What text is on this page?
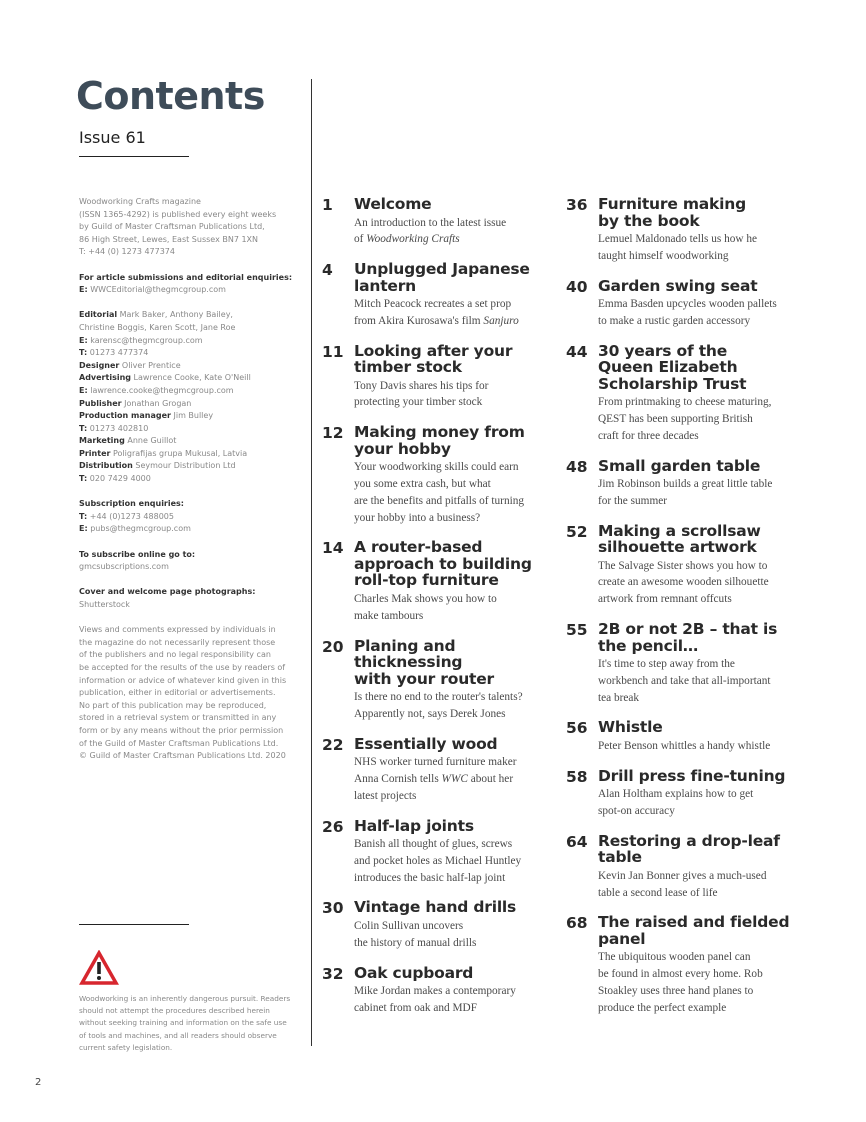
Contents
Issue 61
Woodworking Crafts magazine
(ISSN 1365-4292) is published every eight weeks
by Guild of Master Craftsman Publications Ltd,
86 High Street, Lewes, East Sussex BN7 1XN
T: +44 (0) 1273 477374
For article submissions and editorial enquiries:
E: WWCEditorial@thegmcgroup.com
Editorial Mark Baker, Anthony Bailey,
Christine Boggis, Karen Scott, Jane Roe
E: karensc@thegmcgroup.com
T: 01273 477374
Designer Oliver Prentice
Advertising Lawrence Cooke, Kate O'Neill
E: lawrence.cooke@thegmcgroup.com
Publisher Jonathan Grogan
Production manager Jim Bulley
T: 01273 402810
Marketing Anne Guillot
Printer Poligrafijas grupa Mukusal, Latvia
Distribution Seymour Distribution Ltd
T: 020 7429 4000
Subscription enquiries:
T: +44 (0)1273 488005
E: pubs@thegmcgroup.com
To subscribe online go to:
gmcsubscriptions.com
Cover and welcome page photographs:
Shutterstock
Views and comments expressed by individuals in
the magazine do not necessarily represent those
of the publishers and no legal responsibility can
be accepted for the results of the use by readers of
information or advice of whatever kind given in this
publication, either in editorial or advertisements.
No part of this publication may be reproduced,
stored in a retrieval system or transmitted in any
form or by any means without the prior permission
of the Guild of Master Craftsman Publications Ltd.
© Guild of Master Craftsman Publications Ltd. 2020
Woodworking is an inherently dangerous pursuit. Readers
should not attempt the procedures described herein
without seeking training and information on the safe use
of tools and machines, and all readers should observe
current safety legislation.
1	Welcome
An introduction to the latest issue
of Woodworking Crafts
4	Unplugged Japanese
lantern
Mitch Peacock recreates a set prop
from Akira Kurosawa's film Sanjuro
11 Looking after your
timber stock
Tony Davis shares his tips for
protecting your timber stock
12 Making money from
your hobby
Your woodworking skills could earn
you some extra cash, but what
are the benefits and pitfalls of turning
your hobby into a business?
14 A router-based
approach to building
roll-top furniture
Charles Mak shows you how to
make tambours
20 Planing and
thicknessing
with your router
Is there no end to the router's talents?
Apparently not, says Derek Jones
22 Essentially wood
NHS worker turned furniture maker
Anna Cornish tells WWC about her
latest projects
26 Half-lap joints
Banish all thought of glues, screws
and pocket holes as Michael Huntley
introduces the basic half-lap joint
30 Vintage hand drills
Colin Sullivan uncovers
the history of manual drills
32 Oak cupboard
Mike Jordan makes a contemporary
cabinet from oak and MDF
36 Furniture making
by the book
Lemuel Maldonado tells us how he
taught himself woodworking
40 Garden swing seat
Emma Basden upcycles wooden pallets
to make a rustic garden accessory
44 30 years of the
Queen Elizabeth
Scholarship Trust
From printmaking to cheese maturing,
QEST has been supporting British
craft for three decades
48 Small garden table
Jim Robinson builds a great little table
for the summer
52 Making a scrollsaw
silhouette artwork
The Salvage Sister shows you how to
create an awesome wooden silhouette
artwork from remnant offcuts
55 2B or not 2B – that is
the pencil…
It's time to step away from the
workbench and take that all-important
tea break
56 Whistle
Peter Benson whittles a handy whistle
58 Drill press fine-tuning
Alan Holtham explains how to get
spot-on accuracy
64 Restoring a drop-leaf
table
Kevin Jan Bonner gives a much-used
table a second lease of life
68 The raised and fielded
panel
The ubiquitous wooden panel can
be found in almost every home. Rob
Stoakley uses three hand planes to
produce the perfect example
2
